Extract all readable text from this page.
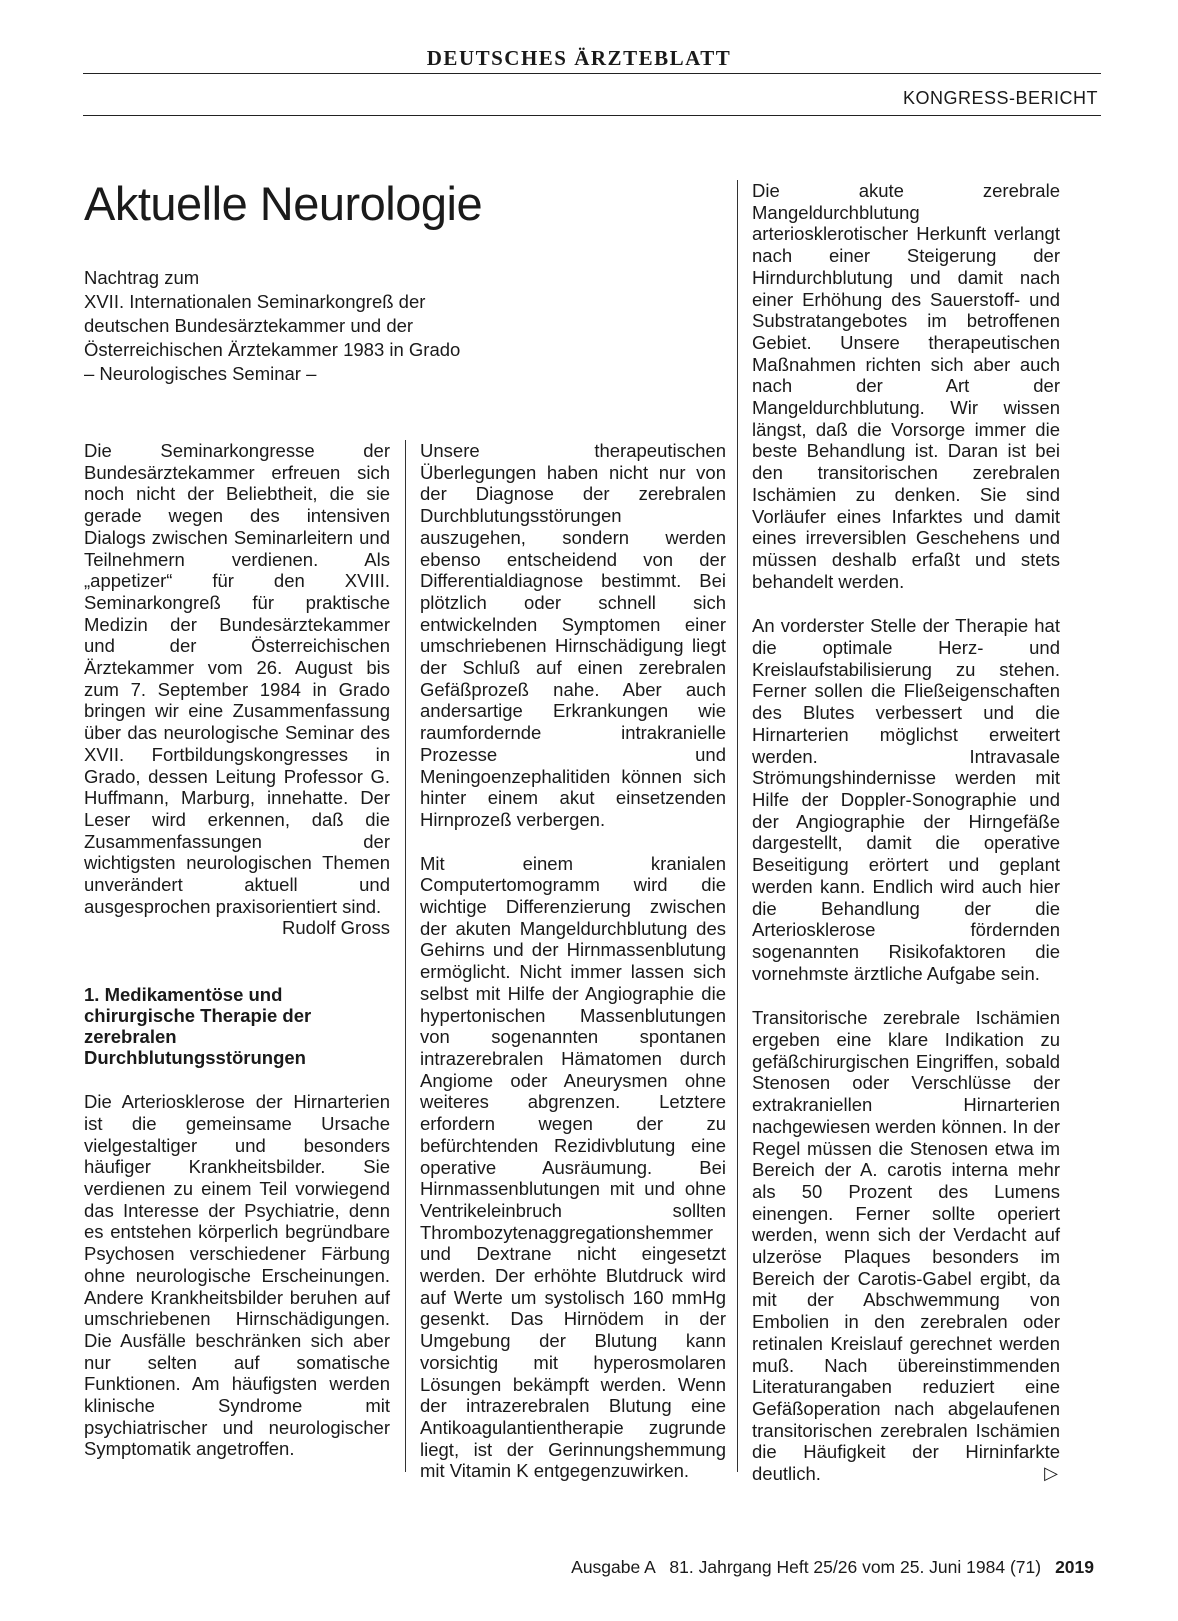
DEUTSCHES ÄRZTEBLATT
KONGRESS-BERICHT
Aktuelle Neurologie
Nachtrag zum
XVII. Internationalen Seminarkongreß der
deutschen Bundesärztekammer und der
Österreichischen Ärztekammer 1983 in Grado
– Neurologisches Seminar –

Die Seminarkongresse der Bundesärztekammer erfreuen sich noch nicht der Beliebtheit, die sie gerade wegen des intensiven Dialogs zwischen Seminarleitern und Teilnehmern verdienen. Als „appetizer“ für den XVIII. Seminarkongreß für praktische Medizin der Bundesärztekammer und der Österreichischen Ärztekammer vom 26. August bis zum 7. September 1984 in Grado bringen wir eine Zusammenfassung über das neurologische Seminar des XVII. Fortbildungskongresses in Grado, dessen Leitung Professor G. Huffmann, Marburg, innehatte. Der Leser wird erkennen, daß die Zusammenfassungen der wichtigsten neurologischen Themen unverändert aktuell und ausgesprochen praxisorientiert sind.

Rudolf Gross

1. Medikamentöse und chirurgische Therapie der zerebralen Durchblutungsstörungen

Die Arteriosklerose der Hirnarterien ist die gemeinsame Ursache vielgestaltiger und besonders häufiger Krankheitsbilder. Sie verdienen zu einem Teil vorwiegend das Interesse der Psychiatrie, denn es entstehen körperlich begründbare Psychosen verschiedener Färbung ohne neurologische Erscheinungen. Andere Krankheitsbilder beruhen auf umschriebenen Hirnschädigungen. Die Ausfälle beschränken sich aber nur selten auf somatische Funktionen. Am häufigsten werden klinische Syndrome mit psychiatrischer und neurologischer Symptomatik angetroffen.

Unsere therapeutischen Überlegungen haben nicht nur von der Diagnose der zerebralen Durchblutungsstörungen auszugehen, sondern werden ebenso entscheidend von der Differentialdiagnose bestimmt. Bei plötzlich oder schnell sich entwickelnden Symptomen einer umschriebenen Hirnschädigung liegt der Schluß auf einen zerebralen Gefäßprozeß nahe. Aber auch andersartige Erkrankungen wie raumfordernde intrakranielle Prozesse und Meningoenzephalitiden können sich hinter einem akut einsetzenden Hirnprozeß verbergen.

Mit einem kranialen Computertomogramm wird die wichtige Differenzierung zwischen der akuten Mangeldurchblutung des Gehirns und der Hirnmassenblutung ermöglicht. Nicht immer lassen sich selbst mit Hilfe der Angiographie die hypertonischen Massenblutungen von sogenannten spontanen intrazerebralen Hämatomen durch Angiome oder Aneurysmen ohne weiteres abgrenzen. Letztere erfordern wegen der zu befürchtenden Rezidivblutung eine operative Ausräumung. Bei Hirnmassenblutungen mit und ohne Ventrikeleinbruch sollten Thrombozytenaggregationshemmer und Dextrane nicht eingesetzt werden. Der erhöhte Blutdruck wird auf Werte um systolisch 160 mmHg gesenkt. Das Hirnödem in der Umgebung der Blutung kann vorsichtig mit hyperosmolaren Lösungen bekämpft werden. Wenn der intrazerebralen Blutung eine Antikoagulantientherapie zugrunde liegt, ist der Gerinnungshemmung mit Vitamin K entgegenzuwirken.

Die akute zerebrale Mangeldurchblutung arteriosklerotischer Herkunft verlangt nach einer Steigerung der Hirndurchblutung und damit nach einer Erhöhung des Sauerstoff- und Substratangebotes im betroffenen Gebiet. Unsere therapeutischen Maßnahmen richten sich aber auch nach der Art der Mangeldurchblutung. Wir wissen längst, daß die Vorsorge immer die beste Behandlung ist. Daran ist bei den transitorischen zerebralen Ischämien zu denken. Sie sind Vorläufer eines Infarktes und damit eines irreversiblen Geschehens und müssen deshalb erfaßt und stets behandelt werden.

An vorderster Stelle der Therapie hat die optimale Herz- und Kreislaufstabilisierung zu stehen. Ferner sollen die Fließeigenschaften des Blutes verbessert und die Hirnarterien möglichst erweitert werden. Intravasale Strömungshindernisse werden mit Hilfe der Doppler-Sonographie und der Angiographie der Hirngefäße dargestellt, damit die operative Beseitigung erörtert und geplant werden kann. Endlich wird auch hier die Behandlung der die Arteriosklerose fördernden sogenannten Risikofaktoren die vornehmste ärztliche Aufgabe sein.

Transitorische zerebrale Ischämien ergeben eine klare Indikation zu gefäßchirurgischen Eingriffen, sobald Stenosen oder Verschlüsse der extrakraniellen Hirnarterien nachgewiesen werden können. In der Regel müssen die Stenosen etwa im Bereich der A. carotis interna mehr als 50 Prozent des Lumens einengen. Ferner sollte operiert werden, wenn sich der Verdacht auf ulzeröse Plaques besonders im Bereich der Carotis-Gabel ergibt, da mit der Abschwemmung von Embolien in den zerebralen oder retinalen Kreislauf gerechnet werden muß. Nach übereinstimmenden Literaturangaben reduziert eine Gefäßoperation nach abgelaufenen transitorischen zerebralen Ischämien die Häufigkeit der Hirninfarkte deutlich.	▷

Ausgabe A   81. Jahrgang Heft 25/26 vom 25. Juni 1984 (71) 2019
